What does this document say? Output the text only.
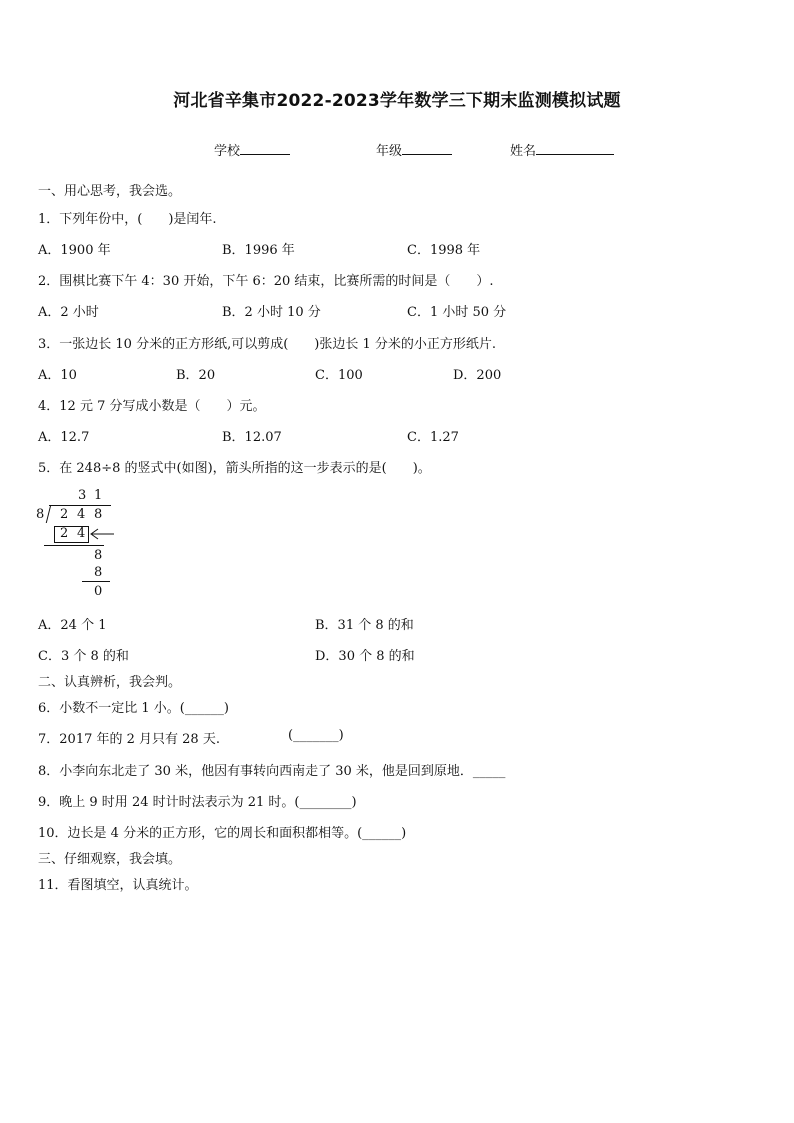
河北省辛集市2022-2023学年数学三下期末监测模拟试题
学校	年级	姓名
一、用心思考，我会选。
1．下列年份中，(　　)是闰年.
A．1900 年	B．1996 年	C．1998 年
2．围棋比赛下午 4：30 开始，下午 6：20 结束，比赛所需的时间是（　　）.
A．2 小时	B．2 小时 10 分	C．1 小时 50 分
3．一张边长 10 分米的正方形纸,可以剪成(　　)张边长 1 分米的小正方形纸片.
A．10	B．20	C．100	D．200
4．12 元 7 分写成小数是（　　）元。
A．12.7	B．12.07	C．1.27
5．在 248÷8 的竖式中(如图)，箭头所指的这一步表示的是(　　)。
3 1
8 2 4 8
2 4
8
8
0
A．24 个 1	B．31 个 8 的和
C．3 个 8 的和	D．30 个 8 的和
二、认真辨析，我会判。
6．小数不一定比 1 小。(______)
7．2017 年的 2 月只有 28 天.	(_______)
8．小李向东北走了 30 米，他因有事转向西南走了 30 米，他是回到原地．_____
9．晚上 9 时用 24 时计时法表示为 21 时。(________)
10．边长是 4 分米的正方形，它的周长和面积都相等。(______)
三、仔细观察，我会填。
11．看图填空，认真统计。
